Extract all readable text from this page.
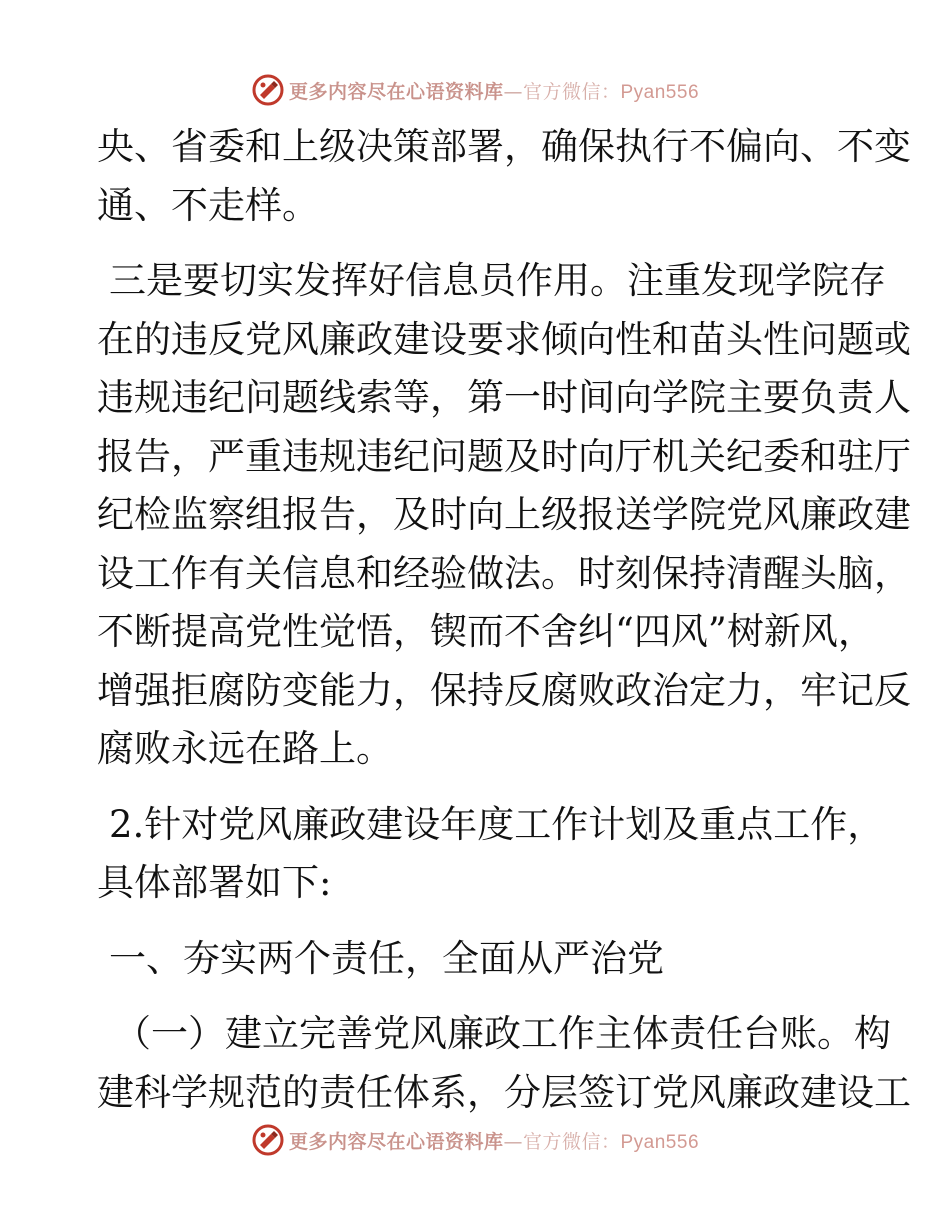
更多内容尽在心语资料库—官方微信：Pyan556
央、省委和上级决策部署，确保执行不偏向、不变
通、不走样。
三是要切实发挥好信息员作用。注重发现学院存
在的违反党风廉政建设要求倾向性和苗头性问题或
违规违纪问题线索等，第一时间向学院主要负责人
报告，严重违规违纪问题及时向厅机关纪委和驻厅
纪检监察组报告，及时向上级报送学院党风廉政建
设工作有关信息和经验做法。时刻保持清醒头脑，
不断提高党性觉悟，锲而不舍纠“四风”树新风，
增强拒腐防变能力，保持反腐败政治定力，牢记反
腐败永远在路上。
2.针对党风廉政建设年度工作计划及重点工作，
具体部署如下:
一、夯实两个责任，全面从严治党
（一）建立完善党风廉政工作主体责任台账。构
建科学规范的责任体系，分层签订党风廉政建设工
更多内容尽在心语资料库—官方微信：Pyan556
